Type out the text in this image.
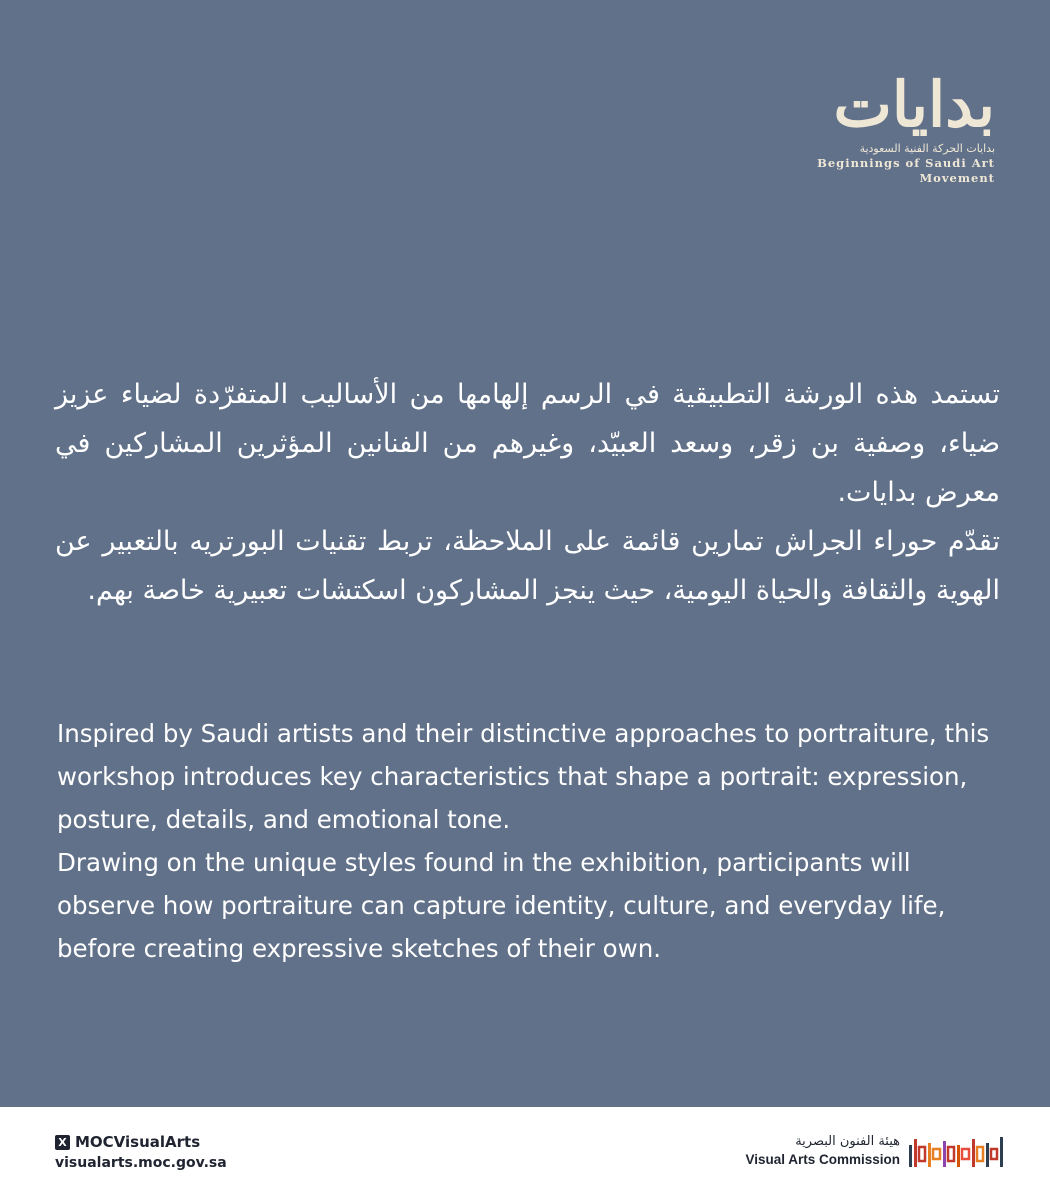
بدايات
بدايات الحركة الفنية السعودية
Beginnings of Saudi Art Movement

تستمد هذه الورشة التطبيقية في الرسم إلهامها من الأساليب المتفرّدة لضياء عزيز ضياء، وصفية بن زقر، وسعد العبيّد، وغيرهم من الفنانين المؤثرين المشاركين في معرض بدايات.

تقدّم حوراء الجراش تمارين قائمة على الملاحظة، تربط تقنيات البورتريه بالتعبير عن الهوية والثقافة والحياة اليومية، حيث ينجز المشاركون اسكتشات تعبيرية خاصة بهم.

Inspired by Saudi artists and their distinctive approaches to portraiture, this workshop introduces key characteristics that shape a portrait: expression, posture, details, and emotional tone.

Drawing on the unique styles found in the exhibition, participants will observe how portraiture can capture identity, culture, and everyday life, before creating expressive sketches of their own.

X MOCVisualArts
visualarts.moc.gov.sa
هيئة الفنون البصرية
Visual Arts Commission
